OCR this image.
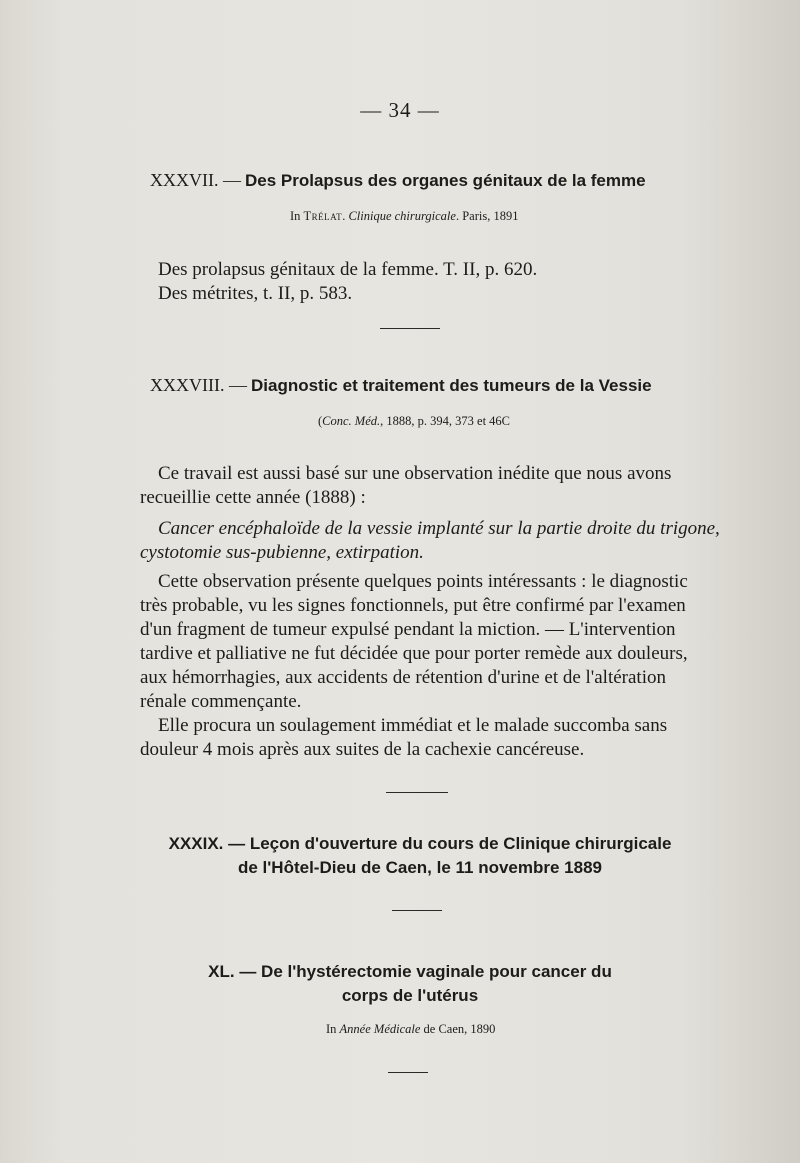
— 34 —
XXXVII. — Des Prolapsus des organes génitaux de la femme
In Trélat. Clinique chirurgicale. Paris, 1891
Des prolapsus génitaux de la femme. T. II, p. 620.
Des métrites, t. II, p. 583.
XXXVIII. — Diagnostic et traitement des tumeurs de la Vessie
(Conc. Méd., 1888, p. 394, 373 et 46C
Ce travail est aussi basé sur une observation inédite que nous avons
recueillie cette année (1888) :
Cancer encéphaloïde de la vessie implanté sur la partie droite du trigone,
cystotomie sus-pubienne, extirpation.
Cette observation présente quelques points intéressants : le diagnostic
très probable, vu les signes fonctionnels, put être confirmé par l'examen
d'un fragment de tumeur expulsé pendant la miction. — L'intervention
tardive et palliative ne fut décidée que pour porter remède aux douleurs,
aux hémorrhagies, aux accidents de rétention d'urine et de l'altération
rénale commençante.
Elle procura un soulagement immédiat et le malade succomba sans
douleur 4 mois après aux suites de la cachexie cancéreuse.
XXXIX. — Leçon d'ouverture du cours de Clinique chirurgicale
de l'Hôtel-Dieu de Caen, le 11 novembre 1889
XL. — De l'hystérectomie vaginale pour cancer du
corps de l'utérus
In Année Médicale de Caen, 1890
